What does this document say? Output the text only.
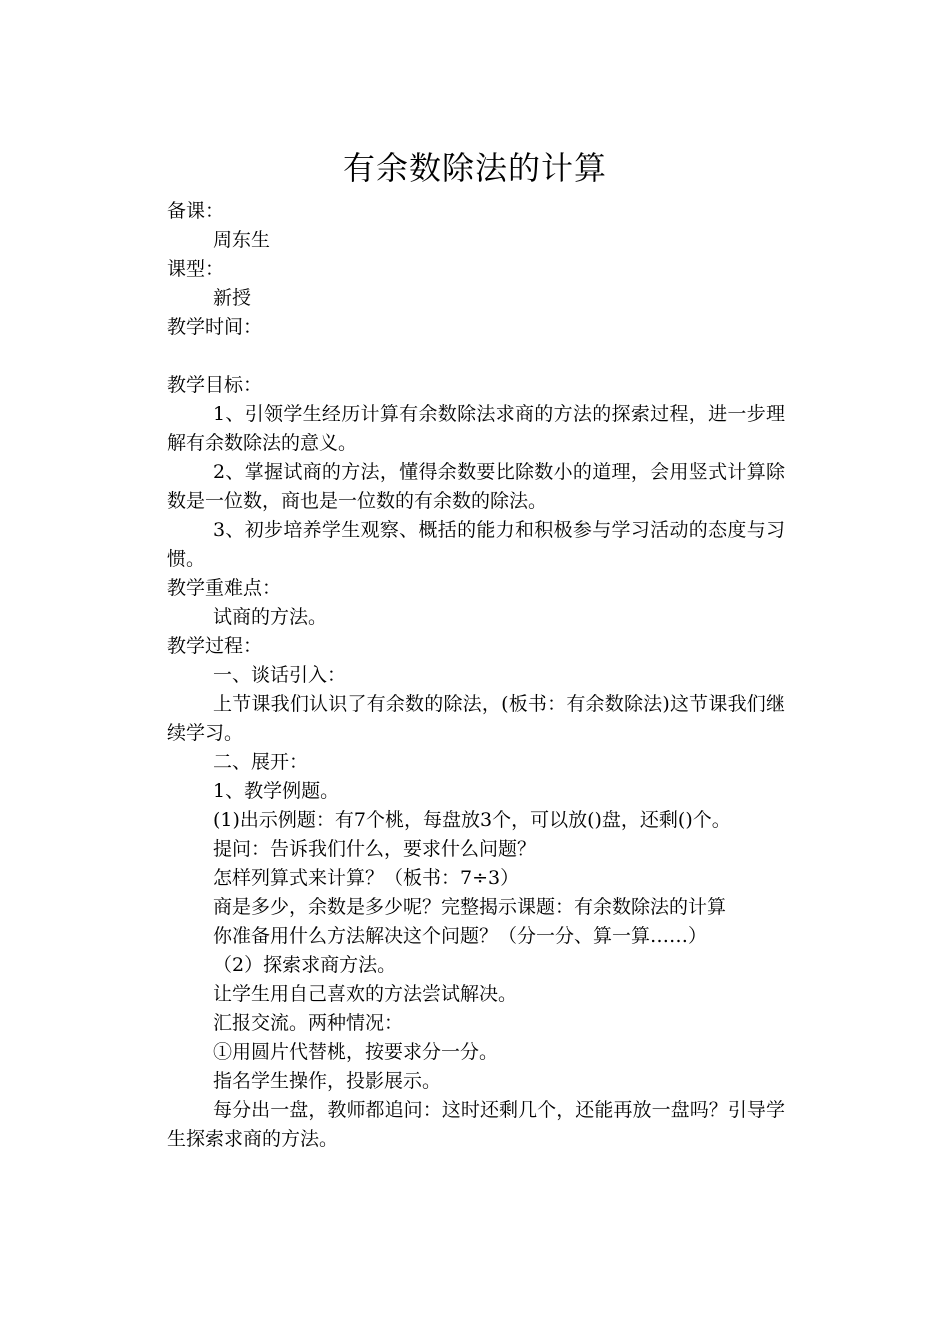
有余数除法的计算
备课：
周东生
课型：
新授
教学时间：
教学目标：

1、引领学生经历计算有余数除法求商的方法的探索过程，进一步理解有余数除法的意义。

2、掌握试商的方法，懂得余数要比除数小的道理，会用竖式计算除数是一位数，商也是一位数的有余数的除法。

3、初步培养学生观察、概括的能力和积极参与学习活动的态度与习惯。

教学重难点：
试商的方法。
教学过程：

一、谈话引入：

上节课我们认识了有余数的除法，(板书：有余数除法)这节课我们继续学习。

二、展开：

1、教学例题。

(1)出示例题：有7个桃，每盘放3个，可以放()盘，还剩()个。

提问：告诉我们什么，要求什么问题？

怎样列算式来计算？（板书：7÷3）

商是多少，余数是多少呢？完整揭示课题：有余数除法的计算

你准备用什么方法解决这个问题？（分一分、算一算……）

（2）探索求商方法。

让学生用自己喜欢的方法尝试解决。

汇报交流。两种情况：

①用圆片代替桃，按要求分一分。

指名学生操作，投影展示。

每分出一盘，教师都追问：这时还剩几个，还能再放一盘吗？引导学生探索求商的方法。
